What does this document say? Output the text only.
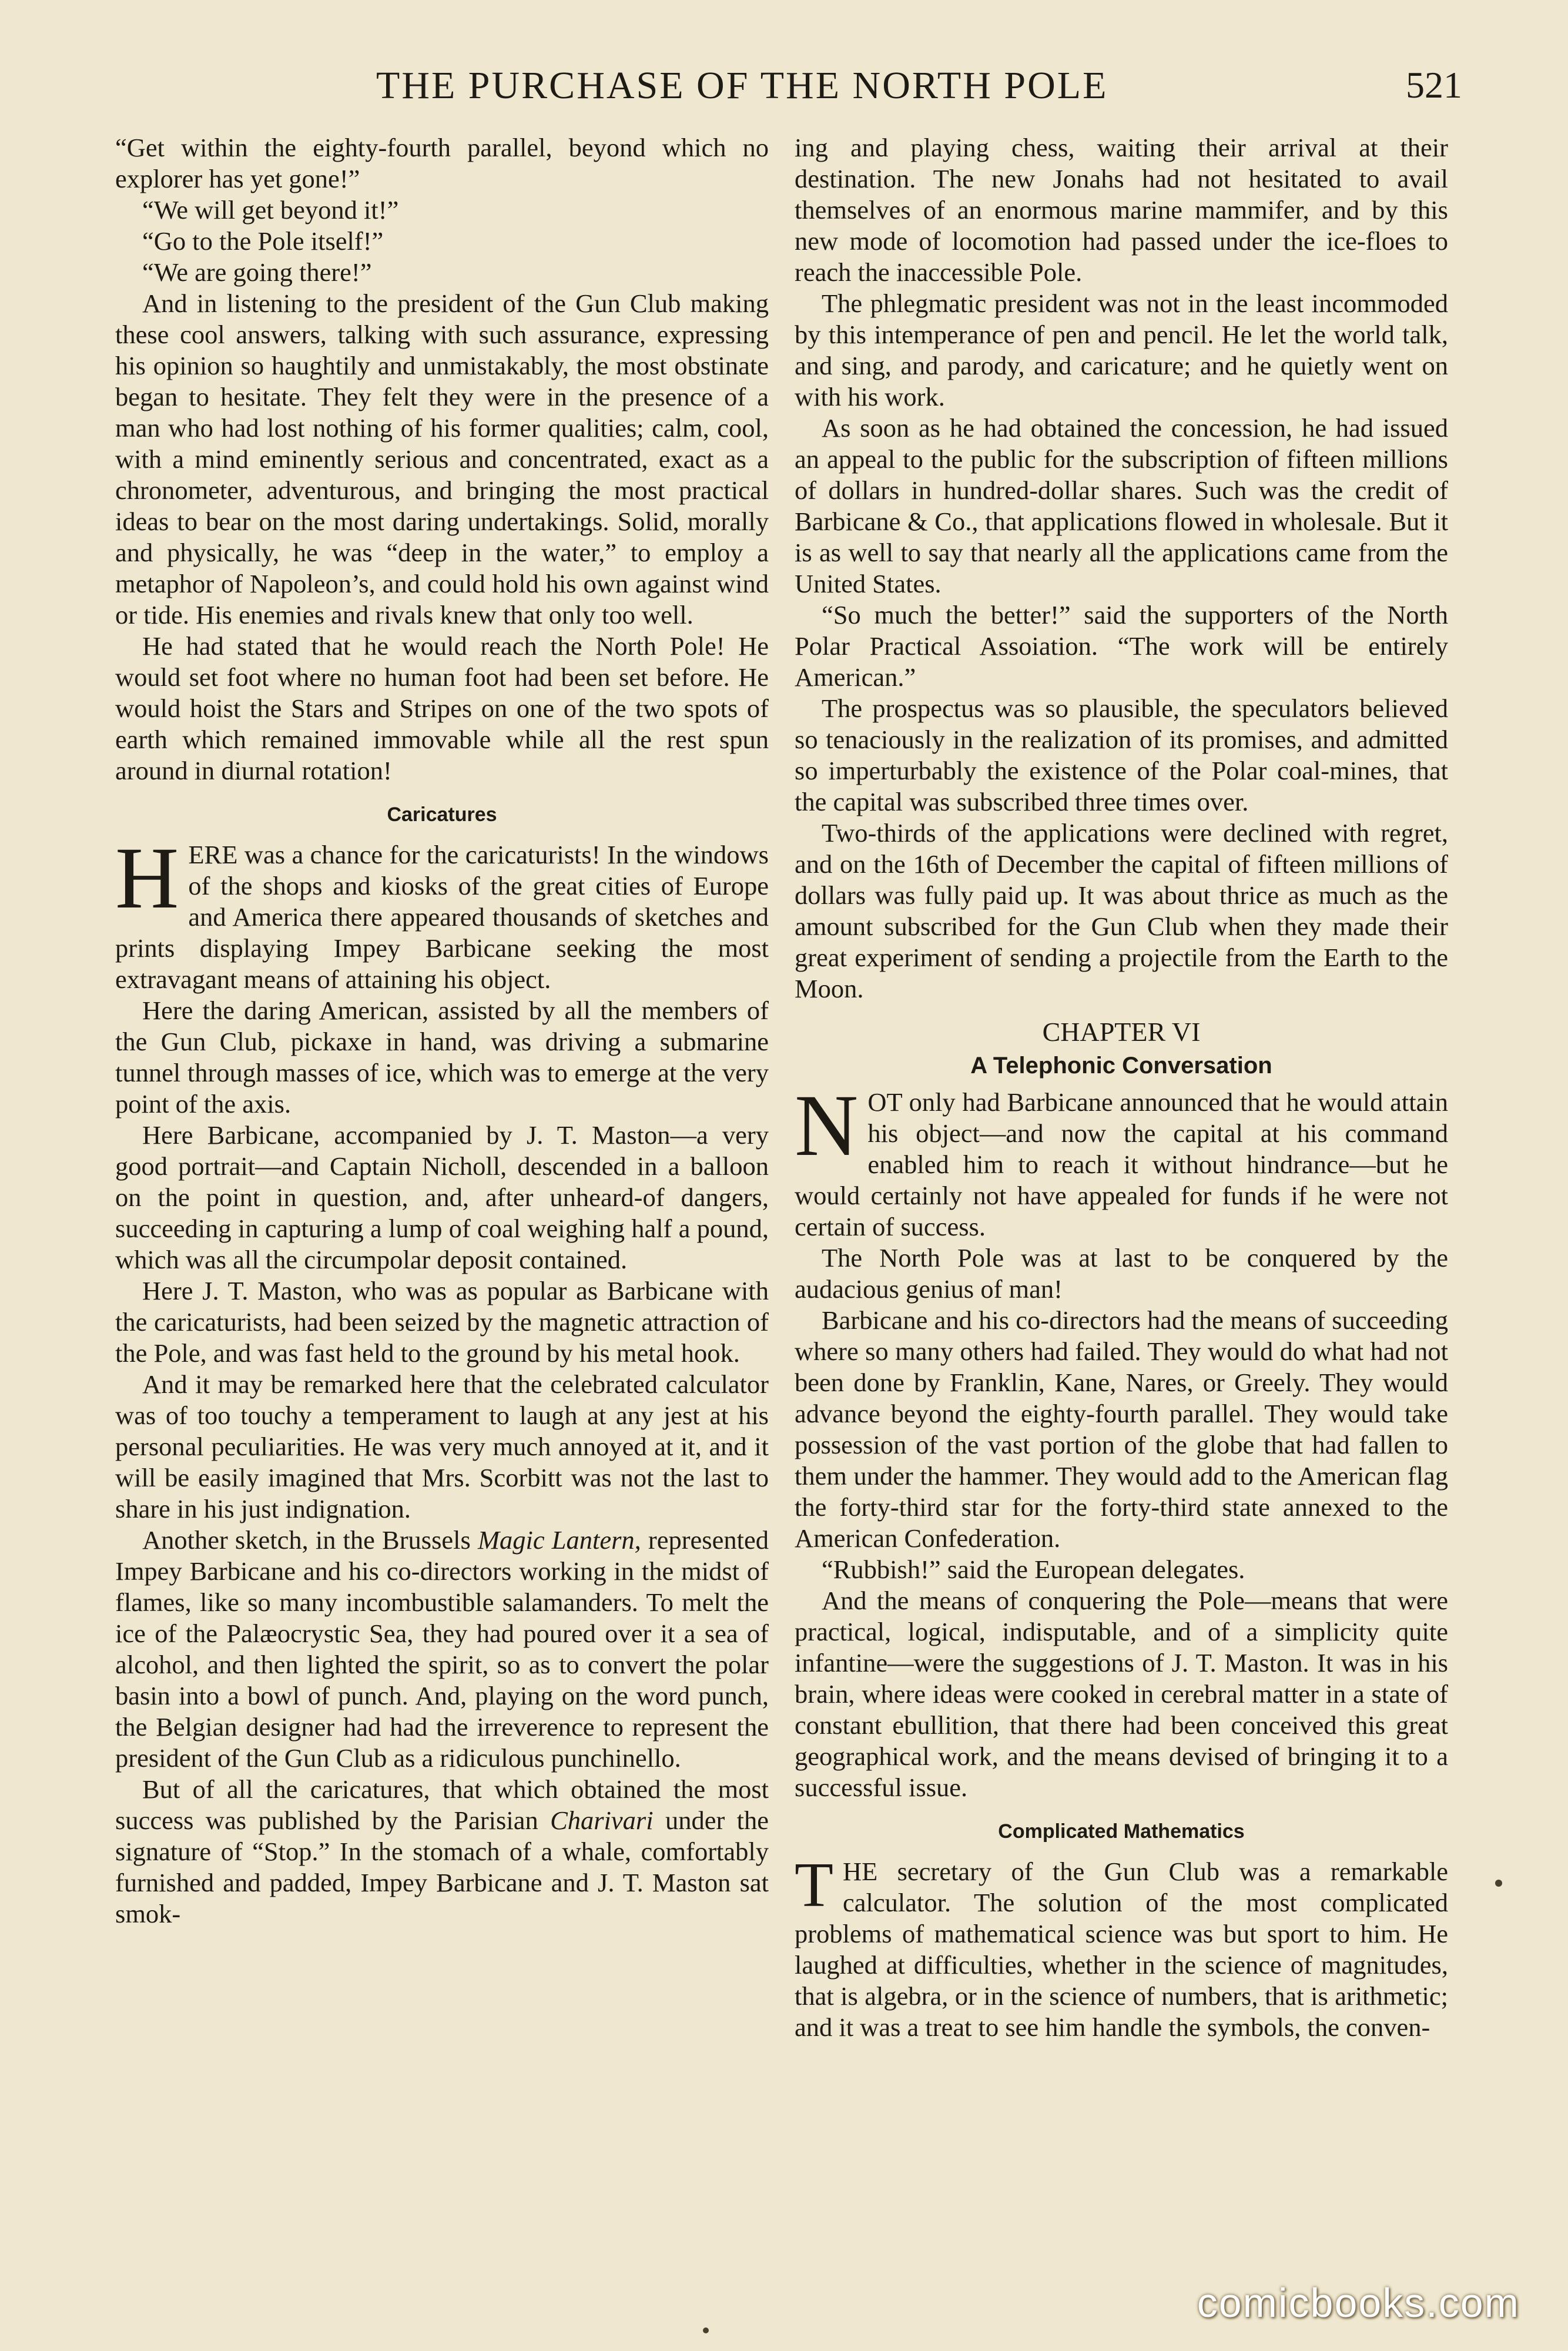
THE PURCHASE OF THE NORTH POLE	521

“Get within the eighty-fourth parallel, beyond which no explorer has yet gone!”

“We will get beyond it!”

“Go to the Pole itself!”

“We are going there!”

And in listening to the president of the Gun Club making these cool answers, talking with such assurance, expressing his opinion so haughtily and unmistakably, the most obstinate began to hesitate. They felt they were in the presence of a man who had lost nothing of his former qualities; calm, cool, with a mind eminently serious and concentrated, exact as a chronometer, adventurous, and bringing the most practical ideas to bear on the most daring undertakings. Solid, morally and physically, he was “deep in the water,” to employ a metaphor of Napoleon’s, and could hold his own against wind or tide. His enemies and rivals knew that only too well.

He had stated that he would reach the North Pole! He would set foot where no human foot had been set before. He would hoist the Stars and Stripes on one of the two spots of earth which remained immovable while all the rest spun around in diurnal rotation!

Caricatures

HERE was a chance for the caricaturists! In the windows of the shops and kiosks of the great cities of Europe and America there appeared thousands of sketches and prints displaying Impey Barbicane seeking the most extravagant means of attaining his object.

Here the daring American, assisted by all the members of the Gun Club, pickaxe in hand, was driving a submarine tunnel through masses of ice, which was to emerge at the very point of the axis.

Here Barbicane, accompanied by J. T. Maston—a very good portrait—and Captain Nicholl, descended in a balloon on the point in question, and, after unheard-of dangers, succeeding in capturing a lump of coal weighing half a pound, which was all the circumpolar deposit contained.

Here J. T. Maston, who was as popular as Barbicane with the caricaturists, had been seized by the magnetic attraction of the Pole, and was fast held to the ground by his metal hook.

And it may be remarked here that the celebrated calculator was of too touchy a temperament to laugh at any jest at his personal peculiarities. He was very much annoyed at it, and it will be easily imagined that Mrs. Scorbitt was not the last to share in his just indignation.

Another sketch, in the Brussels Magic Lantern, represented Impey Barbicane and his co-directors working in the midst of flames, like so many incombustible salamanders. To melt the ice of the Palæocrystic Sea, they had poured over it a sea of alcohol, and then lighted the spirit, so as to convert the polar basin into a bowl of punch. And, playing on the word punch, the Belgian designer had had the irreverence to represent the president of the Gun Club as a ridiculous punchinello.

But of all the caricatures, that which obtained the most success was published by the Parisian Charivari under the signature of “Stop.” In the stomach of a whale, comfortably furnished and padded, Impey Barbicane and J. T. Maston sat smok-

ing and playing chess, waiting their arrival at their destination. The new Jonahs had not hesitated to avail themselves of an enormous marine mammifer, and by this new mode of locomotion had passed under the ice-floes to reach the inaccessible Pole.

The phlegmatic president was not in the least incommoded by this intemperance of pen and pencil. He let the world talk, and sing, and parody, and caricature; and he quietly went on with his work.

As soon as he had obtained the concession, he had issued an appeal to the public for the subscription of fifteen millions of dollars in hundred-dollar shares. Such was the credit of Barbicane & Co., that applications flowed in wholesale. But it is as well to say that nearly all the applications came from the United States.

“So much the better!” said the supporters of the North Polar Practical Assoiation. “The work will be entirely American.”

The prospectus was so plausible, the speculators believed so tenaciously in the realization of its promises, and admitted so imperturbably the existence of the Polar coal-mines, that the capital was subscribed three times over.

Two-thirds of the applications were declined with regret, and on the 16th of December the capital of fifteen millions of dollars was fully paid up. It was about thrice as much as the amount subscribed for the Gun Club when they made their great experiment of sending a projectile from the Earth to the Moon.

CHAPTER VI
A Telephonic Conversation

NOT only had Barbicane announced that he would attain his object—and now the capital at his command enabled him to reach it without hindrance—but he would certainly not have appealed for funds if he were not certain of success.

The North Pole was at last to be conquered by the audacious genius of man!

Barbicane and his co-directors had the means of succeeding where so many others had failed. They would do what had not been done by Franklin, Kane, Nares, or Greely. They would advance beyond the eighty-fourth parallel. They would take possession of the vast portion of the globe that had fallen to them under the hammer. They would add to the American flag the forty-third star for the forty-third state annexed to the American Confederation.

“Rubbish!” said the European delegates.

And the means of conquering the Pole—means that were practical, logical, indisputable, and of a simplicity quite infantine—were the suggestions of J. T. Maston. It was in his brain, where ideas were cooked in cerebral matter in a state of constant ebullition, that there had been conceived this great geographical work, and the means devised of bringing it to a successful issue.

Complicated Mathematics

THE secretary of the Gun Club was a remarkable calculator. The solution of the most complicated problems of mathematical science was but sport to him. He laughed at difficulties, whether in the science of magnitudes, that is algebra, or in the science of numbers, that is arithmetic; and it was a treat to see him handle the symbols, the conven-

comicbooks.com
